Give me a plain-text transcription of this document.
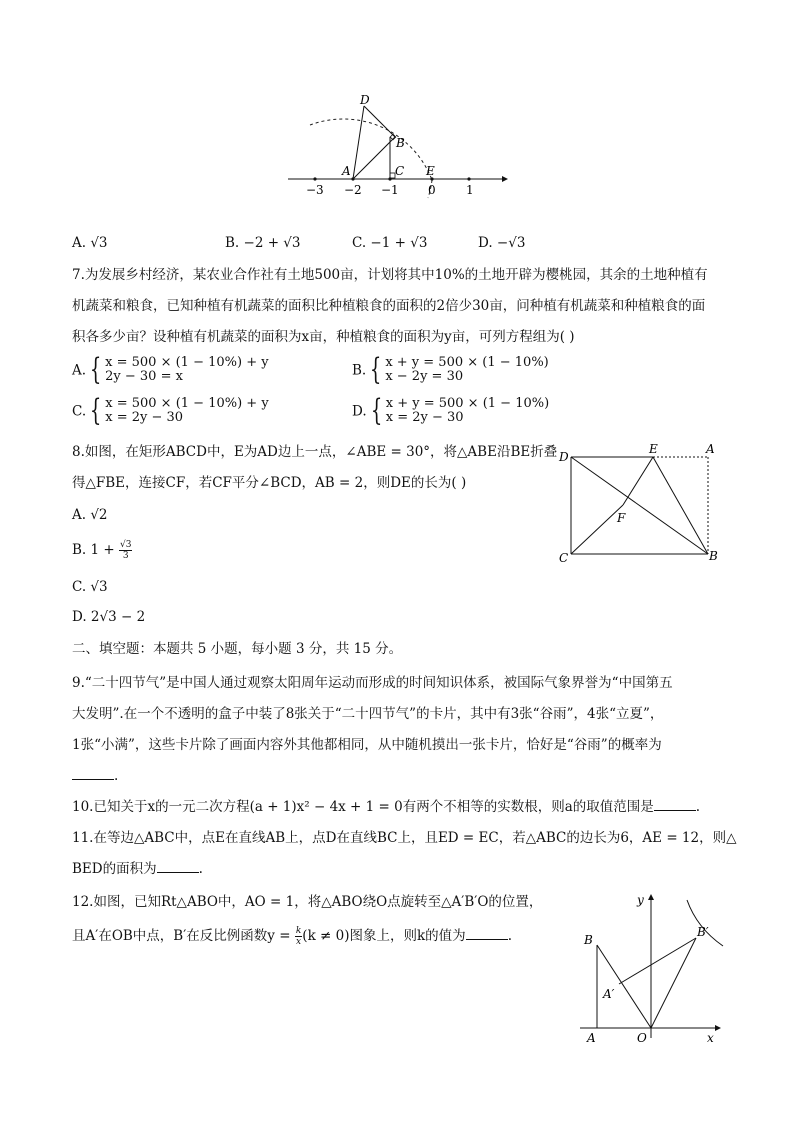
D
B
A	C E
−3 −2 −1 0	1
A. √3	B. −2 + √3	C. −1 + √3	D. −√3
7.为发展乡村经济，某农业合作社有土地500亩，计划将其中10%的土地开辟为樱桃园，其余的土地种植有
机蔬菜和粮食，已知种植有机蔬菜的面积比种植粮食的面积的2倍少30亩，问种植有机蔬菜和种植粮食的面
积各多少亩？设种植有机蔬菜的面积为x亩，种植粮食的面积为y亩，可列方程组为( )
A. { x = 500 × (1 − 10%) + y
2y − 30 = x	B. { x + y = 500 × (1 − 10%)
x − 2y = 30
C. { x = 500 × (1 − 10%) + y
x = 2y − 30	D. { x + y = 500 × (1 − 10%)
x = 2y − 30
8.如图，在矩形ABCD中，E为AD边上一点，∠ABE = 30°，将△ABE沿BE折叠
得△FBE，连接CF，若CF平分∠BCD，AB = 2，则DE的长为( )
A. √2
B. $1 + \frac{√3}{3}$
C. √3
D. 2√3 − 2
D
E	A
F
C	B
二、填空题：本题共 5 小题，每小题 3 分，共 15 分。
9.“二十四节气”是中国人通过观察太阳周年运动而形成的时间知识体系，被国际气象界誉为“中国第五
大发明”.在一个不透明的盒子中装了8张关于“二十四节气”的卡片，其中有3张“谷雨”，4张“立夏”，
1张“小满”，这些卡片除了画面内容外其他都相同，从中随机摸出一张卡片，恰好是“谷雨”的概率为
.
10.已知关于x的一元二次方程(a + 1)x² − 4x + 1 = 0有两个不相等的实数根，则a的取值范围是	.
11.在等边△ABC中，点E在直线AB上，点D在直线BC上，且ED = EC，若△ABC的边长为6，AE = 12，则△
BED的面积为	.
12.如图，已知Rt△ABO中，AO = 1，将△ABO绕O点旋转至△A′B′O的位置，
且A′在OB中点，B′在反比例函数$y = \frac{k}{x} (k \ne 0)$图象上，则k的值为	.
y
B
B′
A′
A	O	x
